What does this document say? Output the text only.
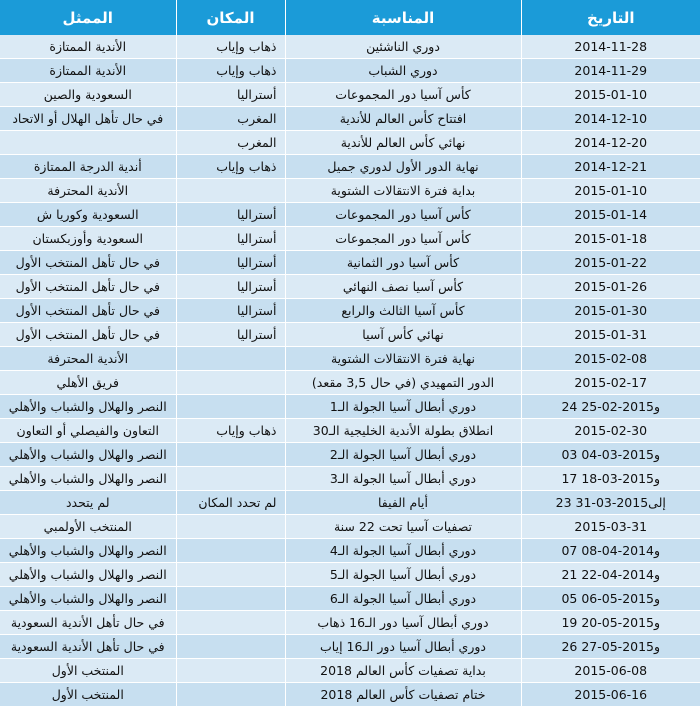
التاريخ	المناسبة	المكان	الممثل
2014-11-28	دوري الناشئين	ذهاب وإياب	الأندية الممتازة
2014-11-29	دوري الشباب	ذهاب وإياب	الأندية الممتازة
2015-01-10	كأس آسيا دور المجموعات	أستراليا	السعودية والصين
2014-12-10	افتتاح كأس العالم للأندية	المغرب	في حال تأهل الهلال أو الاتحاد
2014-12-20	نهائي كأس العالم للأندية	المغرب	
2014-12-21	نهاية الدور الأول لدوري جميل	ذهاب وإياب	أندية الدرجة الممتازة
2015-01-10	بداية فترة الانتقالات الشتوية		الأندية المحترفة
2015-01-14	كأس آسيا دور المجموعات	أستراليا	السعودية وكوريا ش
2015-01-18	كأس آسيا دور المجموعات	أستراليا	السعودية وأوزبكستان
2015-01-22	كأس آسيا دور الثمانية	أستراليا	في حال تأهل المنتخب الأول
2015-01-26	كأس آسيا نصف النهائي	أستراليا	في حال تأهل المنتخب الأول
2015-01-30	كأس آسيا الثالث والرابع	أستراليا	في حال تأهل المنتخب الأول
2015-01-31	نهائي كأس آسيا	أستراليا	في حال تأهل المنتخب الأول
2015-02-08	نهاية فترة الانتقالات الشتوية		الأندية المحترفة
2015-02-17	الدور التمهيدي (في حال 3,5 مقعد)		فريق الأهلي
24 و2015-02-25	دوري أبطال آسيا الجولة الـ1		النصر والهلال والشباب والأهلي
2015-02-30	انطلاق بطولة الأندية الخليجية الـ30	ذهاب وإياب	التعاون والفيصلي أو التعاون
03 و2015-03-04	دوري أبطال آسيا الجولة الـ2		النصر والهلال والشباب والأهلي
17 و2015-03-18	دوري أبطال آسيا الجولة الـ3		النصر والهلال والشباب والأهلي
23 إلى2015-03-31	أيام الفيفا	لم تحدد المكان	لم يتحدد
2015-03-31	تصفيات آسيا تحت 22 سنة		المنتخب الأولمبي
07 و2014-04-08	دوري أبطال آسيا الجولة الـ4		النصر والهلال والشباب والأهلي
21 و2014-04-22	دوري أبطال آسيا الجولة الـ5		النصر والهلال والشباب والأهلي
05 و2015-05-06	دوري أبطال آسيا الجولة الـ6		النصر والهلال والشباب والأهلي
19 و2015-05-20	دوري أبطال آسيا دور الـ16 ذهاب		في حال تأهل الأندية السعودية
26 و2015-05-27	دوري أبطال آسيا دور الـ16 إياب		في حال تأهل الأندية السعودية
2015-06-08	بداية تصفيات كأس العالم 2018		المنتخب الأول
2015-06-16	ختام تصفيات كأس العالم 2018		المنتخب الأول
